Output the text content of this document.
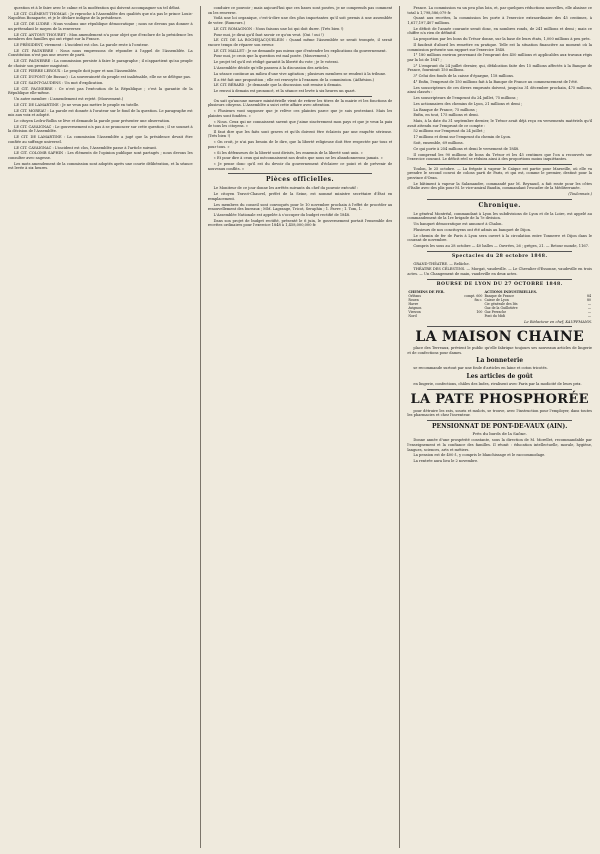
question et à le faire avec le calme et la modération qui doivent accompagner un tel débat.

LE CIT. CLÉMENT THOMAS : Je reproche à l'Assemblée des qualités que n'a pas le prince Louis-Napoléon Bonaparte, et je le déclare indigne de la présidence.

LE CIT. DE LUDRE : Nous voulons une république démocratique ; nous ne devons pas donner à un prétendant le moyen de la renverser.

LE CIT. ANTONY THOURET : Mon amendement n'a pour objet que d'exclure de la présidence les membres des familles qui ont régné sur la France.

LE PRÉSIDENT, vivement : L'incident est clos. La parole reste à l'orateur.

LE CIT. PAGNERRE : Nous nous empressons de répondre à l'appel de l'Assemblée. La Constitution n'est pas une œuvre de parti.

LE CIT. PAGNERRE : La commission persiste à faire le paragraphe ; il n'appartient qu'au peuple de choisir son premier magistrat.

LE CIT. PIERRE LEROUX : Le peuple doit juger et non l'Assemblée.

LE CIT. DUPONT (de Bussac) : La souveraineté du peuple est inaliénable, elle ne se délègue pas.

LE CIT. SAINT-GAUDENS : Un mot d'explication.

LE CIT. PAGNERRE : Ce n'est pas l'exécution de la République ; c'est la garantie de la République elle-même.

Un autre membre : L'amendement est rejeté. (Mouvement.)

LE CIT. DE LAMARTINE : Je ne veux pas mettre le peuple en tutelle.

LE CIT. MOREAU : La parole est donnée à l'orateur sur le fond de la question. Le paragraphe est mis aux voix et adopté.

Le citoyen Ledru-Rollin se lève et demande la parole pour présenter une observation.

LE CIT. CAVAIGNAC : Le gouvernement n'a pas à se prononcer sur cette question ; il se soumet à la décision de l'Assemblée.

LE CIT. DE LAMARTINE : La commission l'Assemblée a jugé que la présidence devait être confiée au suffrage universel.

LE CIT. CAVAIGNAC : L'incident est clos, l'Assemblée passe à l'article suivant.

LE CIT. COLOMB SAPHIN : Les éléments de l'opinion publique sont partagés ; nous devons les consulter avec sagesse.

Les mots amendement de la commission sont adoptés après une courte délibération, et la séance est levée à six heures.

conduire ce pouvoir ; mais aujourd'hui que ces bases sont posées, je ne comprends pas comment on les renverse.

Voilà une loi organique, c'est-à-dire une des plus importantes qu'il soit permis à une assemblée de voter. (Rumeurs.)

LE CIT. ROMAGNON : Nous faisons une loi qui doit durer. (Très bien !)

Pour moi, je dirai qu'il faut savoir ce qu'on veut. (Oui ! oui !)

LE CIT. DE LA ROCHEJACQUELEIN : Quand même l'Assemblée se serait trompée, il serait encore temps de réparer son erreur.

LE CIT. MALLET : Je ne demande pas mieux que d'entendre les explications du gouvernement.

Pour moi, je crois que la question est mal posée. (Mouvement.)

Le projet tel qu'il est rédigé garantit la liberté du vote ; je le voterai.

L'Assemblée décide qu'elle passera à la discussion des articles.

La séance continue au milieu d'une vive agitation ; plusieurs membres se rendent à la tribune.

Il a été fait une proposition ; elle est renvoyée à l'examen de la commission. (Adhésion.)

LE CIT. BÉRARD : Je demande que la discussion soit remise à demain.

Le renvoi à demain est prononcé, et la séance est levée à six heures un quart.

On sait qu'aucune mesure ministérielle vient de retirer les titres de la mairie et les fonctions de plusieurs citoyens. L'Assemblée a suivi cette affaire avec attention.

« Plusieurs vont supposer que je relève ces plaintes parce que je suis protestant. Mais les plaintes sont fondées. »

« Nous. Ceux qui ne connaissent savent que j'aime sincèrement mon pays et que je veux la paix de tous les citoyens. »

Il faut dire que les faits sont graves et qu'ils doivent être éclaircis par une enquête sérieuse. (Très bien !)

« On croit, je n'ai pas besoin de le dire, que la liberté religieuse doit être respectée par tous et pour tous. »

« Si les défenseurs de la liberté sont divisés, les ennemis de la liberté sont unis. »

« Et pour dire à ceux qui méconnaissent nos droits que nous ne les abandonnerons jamais. »

« Je pense donc qu'il est du devoir du gouvernement d'éclairer ce point et de prévenir de nouveaux conflits. »

Pièces officielles.

Le Moniteur de ce jour donne les arrêtés suivants du chef du pouvoir exécutif :

Le citoyen Travot-Chauvel, préfet de la Seine, est nommé ministre secrétaire d'État en remplacement.

Les membres du conseil sont convoqués pour le 10 novembre prochain à l'effet de procéder au renouvellement des bureaux ; MM. Lagrange, Tricot, Seraphin ; 1. Favre ; 1. Tom, 1.

L'Assemblée Nationale est appelée à s'occuper du budget rectifié de 1848.

Dans son projet de budget rectifié, présenté le 6 juin, le gouvernement portait l'ensemble des recettes ordinaires pour l'exercice 1848 à 1,458,000,000 fr.

France. La commission va un peu plus loin, et, par quelques réductions nouvelles, elle abaisse ce total à 1,798,586,079 fr.

Quant aux recettes, la commission les porte à l'exercice extraordinaire des 45 centimes, à 1,617,197,407 millions.

Le déficit de l'année courante serait donc, en nombres ronds, de 241 millions et demi ; mais ce chiffre n'a rien de définitif.

La proportion par les bons du Trésor donne, sur la base de leurs états, 1,000 millions à peu près.

Il faudrait d'abord les remettre en pratique. Telle est la situation financière au moment où la commission présente son rapport sur l'exercice 1848.

1° 180 millions environ provenant de l'emprunt des 450 millions et applicables aux travaux régis par la loi de 1847 ;

2° L'emprunt du 24 juillet dernier, qui, défalcation faite des 15 millions affectés à la Banque de France, fournirait 150 millions.

3° Celui des fonds de la caisse d'épargne, 118 millions.

4° Enfin, l'emprunt de 150 millions fait à la Banque de France au commencement de l'été.

Les souscripteurs de ces divers emprunts doivent, jusqu'au 31 décembre prochain, 475 millions, ainsi classés :

Les souscripteurs de l'emprunt du 24 juillet, 75 millions ;

Les actionnaires des chemins de Lyon, 21 millions et demi ;

La Banque de France, 75 millions ;

Enfin, en tout, 175 millions et demi.

Mais, à la date du 31 septembre dernier, le Trésor avait déjà reçu en versements matériels qu'il avait attendu sur l'emprunt de ce compte :

52 millions sur l'emprunt du 24 juillet ;

17 millions et demi sur l'emprunt du chemin de Lyon.

Soit, ensemble, 69 millions.

Ce qui porte à 254 millions et demi le versement de 1848.

Il comprend les 90 millions de bons du Trésor et les 45 centimes que l'on a recouvrés sur l'exercice courant. Le déficit réel se réduira ainsi à des proportions moins inquiétantes.

Toulon, le 25 octobre. — La frégate à vapeur le Caïque est partie pour Marseille, où elle va prendre le second convoi de colons parti de Paris, et qui est, comme le premier, destiné pour la province d'Oran.

Le bâtiment à vapeur la Salamandre, commandé par M. Reynaud, a fait route pour les côtes d'Italie avec des plis pour M. le vice-amiral Baudin, commandant l'escadre de la Méditerranée.

(Toulonnais.)
Chronique.

Le général Montréal, commandant à Lyon les subdivisions de Lyon et de la Loire, est appelé au commandement de la 1re brigade de la 7e division.

Un banquet démocratique est annoncé à Chalon.

Plusieurs de nos concitoyens ont été admis au banquet de Dijon.

Le chemin de fer de Paris à Lyon sera ouvert à la circulation entre Tonnerre et Dijon dans le courant de novembre.

Compris les sous au 28 octobre — 40 balles — Ouvrées, 26 ; grèges, 21. — Retour monde, 1167.

Spectacles du 28 octobre 1848.

GRAND-THÉATRE. — Relâche.

THÉATRE DES CÉLESTINS. — Morgat, vaudeville. — Le Chevalier d'Essonne, vaudeville en trois actes. — Un Changement de main, vaudeville en deux actes.

BOURSE DE LYON DU 27 OCTOBRE 1848.
CHEMINS DE FER.		ACTIONS INDUSTRIELLES.	
Orléans	compt. 600	Banque de France	84
Rouen	fin c.	Caisse de Lyon	80
Havre		Cie générale des lits	—
Avignon		Gaz de la Guillotière	—
Vierzon	100	Gaz Perrache	—
Nord		Pont du Midi	—
Le Rédacteur en chef, KAUFFMANN.
LA MAISON CHAINE

place des Terreaux, prévient le public qu'elle fabrique toujours ses nouveaux articles de lingerie et de confections pour dames.

La bonneterie

se recommande surtout par une foule d'articles en laine et coton tricotés.

Les articles de goût

en lingerie, confections, châles des Indes, rivalisent avec Paris par la modicité de leurs prix.

LA PATE PHOSPHORÉE

pour détruire les rats, souris et mulots, se trouve, avec l'instruction pour l'employer, dans toutes les pharmacies et chez l'inventeur.

PENSIONNAT DE PONT-DE-VAUX (AIN).
Près du bords de la Saône.

Donne année d'une prospérité constante, sous la direction de M. Morellet, recommandable par l'enseignement et la confiance des familles. Il réunit : éducation intellectuelle, morale, hygiène, langues, sciences, arts et métiers.

La pension est de 400 f., y compris le blanchissage et le raccommodage.

La rentrée aura lieu le 2 novembre.
